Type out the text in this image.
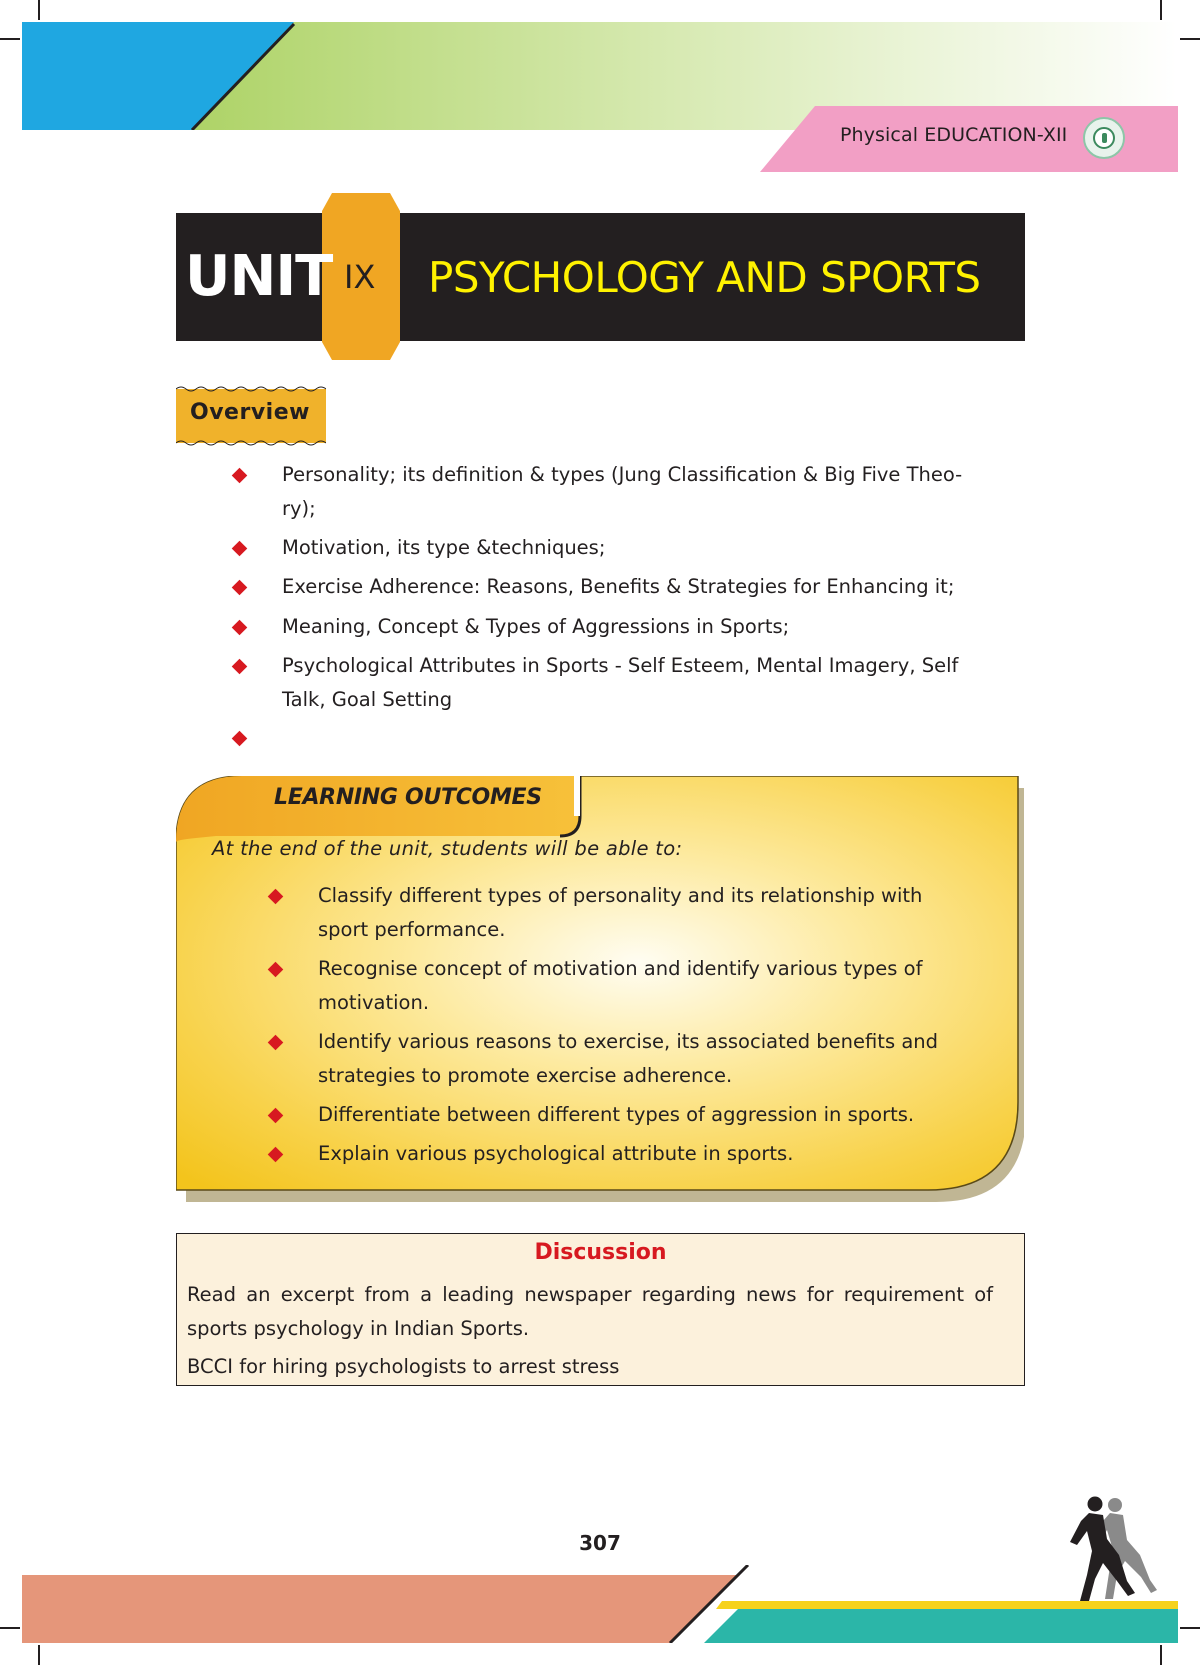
Physical EDUCATION-XII
UNIT IX PSYCHOLOGY AND SPORTS
Overview
Personality; its definition & types (Jung Classification & Big Five Theo-
ry);
Motivation, its type &techniques;
Exercise Adherence: Reasons, Benefits & Strategies for Enhancing it;
Meaning, Concept & Types of Aggressions in Sports;
Psychological Attributes in Sports - Self Esteem, Mental Imagery, Self
Talk, Goal Setting
LEARNING OUTCOMES
At the end of the unit, students will be able to:
Classify different types of personality and its relationship with
sport performance.
Recognise concept of motivation and identify various types of
motivation.
Identify various reasons to exercise, its associated benefits and
strategies to promote exercise adherence.
Differentiate between different types of aggression in sports.
Explain various psychological attribute in sports.
Discussion
Read an excerpt from a leading newspaper regarding news for requirement of
sports psychology in Indian Sports.
BCCI for hiring psychologists to arrest stress
307
